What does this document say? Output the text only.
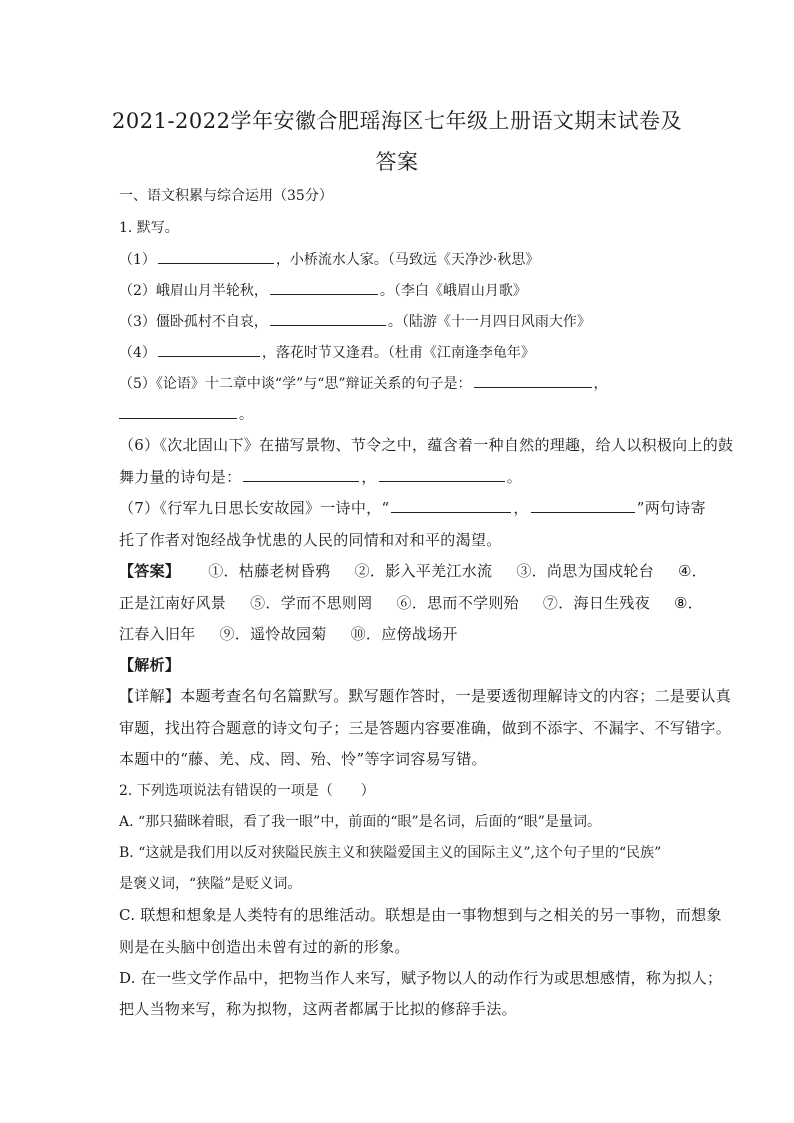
2021-2022学年安徽合肥瑶海区七年级上册语文期末试卷及
答案
一、语文积累与综合运用（35分）
1. 默写。
（1）	，小桥流水人家。（马致远《天净沙·秋思》
（2）峨眉山月半轮秋，	。（李白《峨眉山月歌》
（3）僵卧孤村不自哀，	。（陆游《十一月四日风雨大作》
（4）	，落花时节又逢君。（杜甫《江南逢李龟年》
（5）《论语》十二章中谈“学”与“思”辩证关系的句子是：	，
。
（6）《次北固山下》在描写景物、节令之中，蕴含着一种自然的理趣，给人以积极向上的鼓
舞力量的诗句是：	，	。
（7）《行军九日思长安故园》一诗中，“	，	”两句诗寄
托了作者对饱经战争忧患的人民的同情和对和平的渴望。
【答案】 ①．枯藤老树昏鸦 ②．影入平羌江水流 ③．尚思为国戍轮台 ④．
正是江南好风景 ⑤．学而不思则罔 ⑥．思而不学则殆 ⑦．海日生残夜 ⑧．
江春入旧年 ⑨．遥怜故园菊 ⑩．应傍战场开
【解析】
【详解】本题考查名句名篇默写。默写题作答时，一是要透彻理解诗文的内容；二是要认真
审题，找出符合题意的诗文句子；三是答题内容要准确，做到不添字、不漏字、不写错字。
本题中的“藤、羌、戍、罔、殆、怜”等字词容易写错。
2. 下列选项说法有错误的一项是（　　）
A. “那只猫眯着眼，看了我一眼”中，前面的“眼”是名词，后面的“眼”是量词。
B. “这就是我们用以反对狭隘民族主义和狭隘爱国主义的国际主义”,这个句子里的“民族”
是褒义词，“狭隘”是贬义词。
C. 联想和想象是人类特有的思维活动。联想是由一事物想到与之相关的另一事物，而想象
则是在头脑中创造出未曾有过的新的形象。
D. 在一些文学作品中，把物当作人来写，赋予物以人的动作行为或思想感情，称为拟人；
把人当物来写，称为拟物，这两者都属于比拟的修辞手法。
